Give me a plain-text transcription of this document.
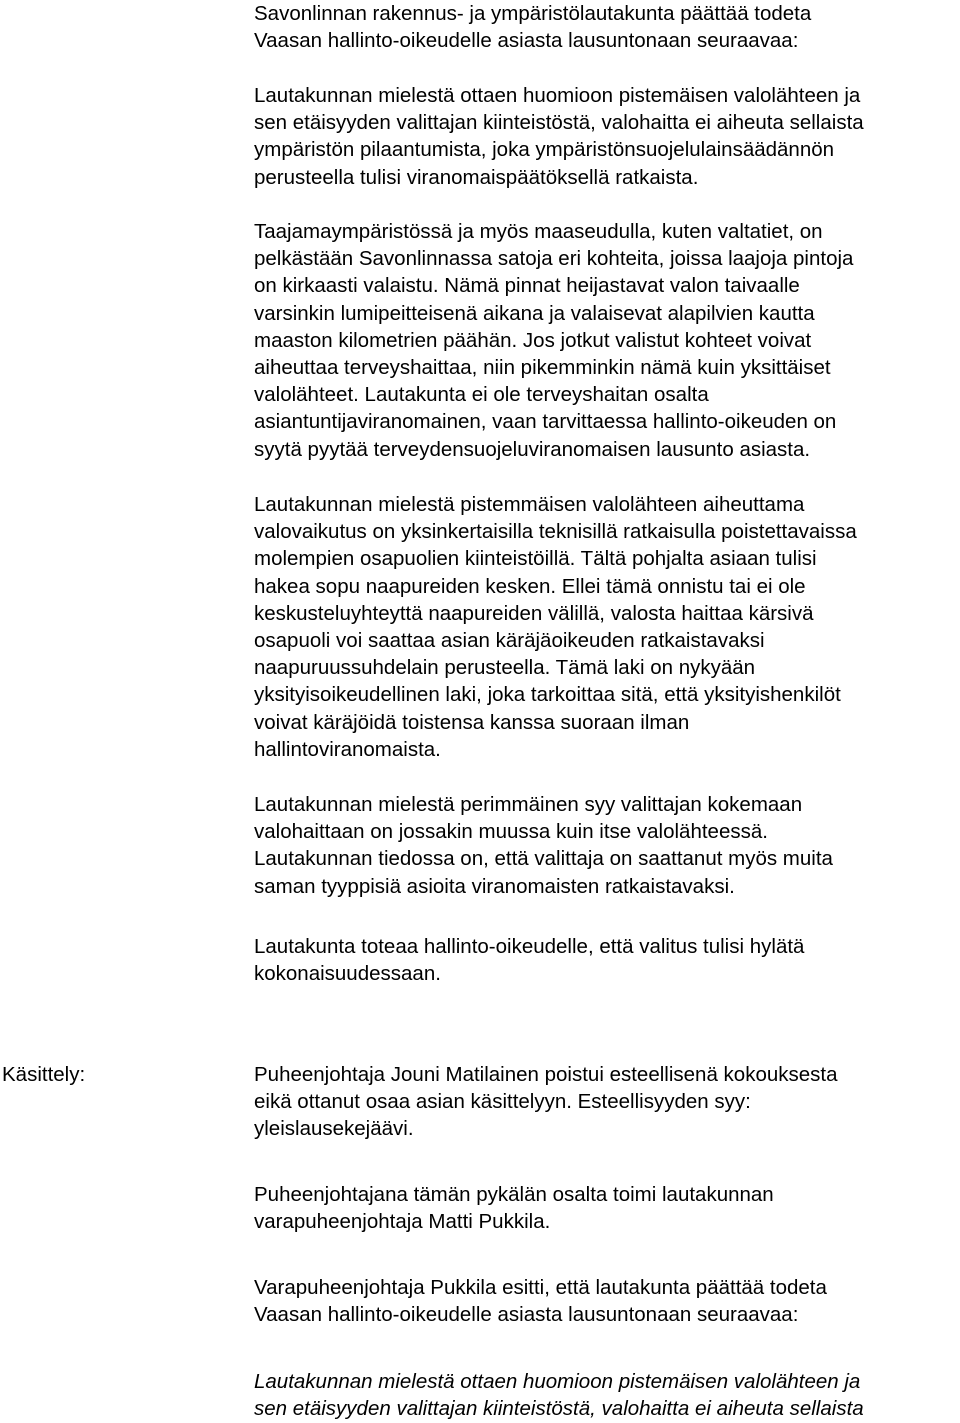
Savonlinnan rakennus- ja ympäristölautakunta päättää todeta
Vaasan hallinto-oikeudelle asiasta lausuntonaan seuraavaa:

Lautakunnan mielestä ottaen huomioon pistemäisen valolähteen ja
sen etäisyyden valittajan kiinteistöstä, valohaitta ei aiheuta sellaista
ympäristön pilaantumista, joka ympäristönsuojelulainsäädännön
perusteella tulisi viranomaispäätöksellä ratkaista.

Taajamaympäristössä ja myös maaseudulla, kuten valtatiet, on
pelkästään Savonlinnassa satoja eri kohteita, joissa laajoja pintoja
on kirkaasti valaistu. Nämä pinnat heijastavat valon taivaalle
varsinkin lumipeitteisenä aikana ja valaisevat alapilvien kautta
maaston kilometrien päähän. Jos jotkut valistut kohteet voivat
aiheuttaa terveyshaittaa, niin pikemminkin nämä kuin yksittäiset
valolähteet. Lautakunta ei ole terveyshaitan osalta
asiantuntijaviranomainen, vaan tarvittaessa hallinto-oikeuden on
syytä pyytää terveydensuojeluviranomaisen lausunto asiasta.

Lautakunnan mielestä pistemmäisen valolähteen aiheuttama
valovaikutus on yksinkertaisilla teknisillä ratkaisulla poistettavaissa
molempien osapuolien kiinteistöillä. Tältä pohjalta asiaan tulisi
hakea sopu naapureiden kesken. Ellei tämä onnistu tai ei ole
keskusteluyhteyttä naapureiden välillä, valosta haittaa kärsivä
osapuoli voi saattaa asian käräjäoikeuden ratkaistavaksi
naapuruussuhdelain perusteella. Tämä laki on nykyään
yksityisoikeudellinen laki, joka tarkoittaa sitä, että yksityishenkilöt
voivat käräjöidä toistensa kanssa suoraan ilman
hallintoviranomaista.

Lautakunnan mielestä perimmäinen syy valittajan kokemaan
valohaittaan on jossakin muussa kuin itse valolähteessä.
Lautakunnan tiedossa on, että valittaja on saattanut myös muita
saman tyyppisiä asioita viranomaisten ratkaistavaksi.

Lautakunta toteaa hallinto-oikeudelle, että valitus tulisi hylätä
kokonaisuudessaan.

Käsittely:	Puheenjohtaja Jouni Matilainen poistui esteellisenä kokouksesta
eikä ottanut osaa asian käsittelyyn. Esteellisyyden syy:
yleislausekejäävi.

Puheenjohtajana tämän pykälän osalta toimi lautakunnan
varapuheenjohtaja Matti Pukkila.

Varapuheenjohtaja Pukkila esitti, että lautakunta päättää todeta
Vaasan hallinto-oikeudelle asiasta lausuntonaan seuraavaa:

Lautakunnan mielestä ottaen huomioon pistemäisen valolähteen ja
sen etäisyyden valittajan kiinteistöstä, valohaitta ei aiheuta sellaista
